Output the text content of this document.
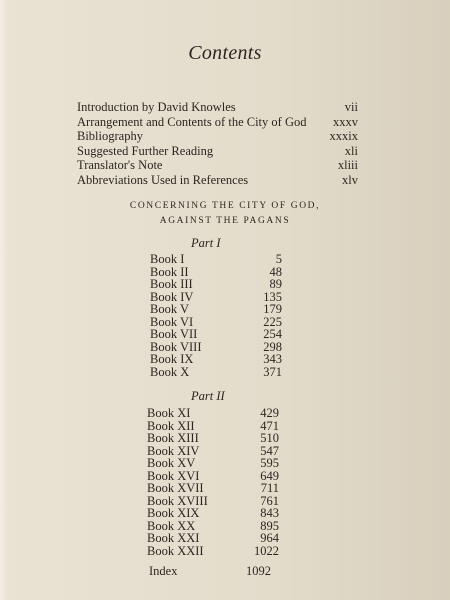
Contents
Introduction by David Knowles	vii
Arrangement and Contents of the City of God xxxv
Bibliography	xxxix
Suggested Further Reading	xli
Translator's Note	xliii
Abbreviations Used in References	xlv
CONCERNING THE CITY OF GOD,
AGAINST THE PAGANS
Part I
Book I	5
Book II	48
Book III	89
Book IV	135
Book V	179
Book VI	225
Book VII	254
Book VIII	298
Book IX	343
Book X	371
Part II
Book XI	429
Book XII	471
Book XIII	510
Book XIV	547
Book XV	595
Book XVI	649
Book XVII	711
Book XVIII	761
Book XIX	843
Book XX	895
Book XXI	964
Book XXII	1022
Index	1092
